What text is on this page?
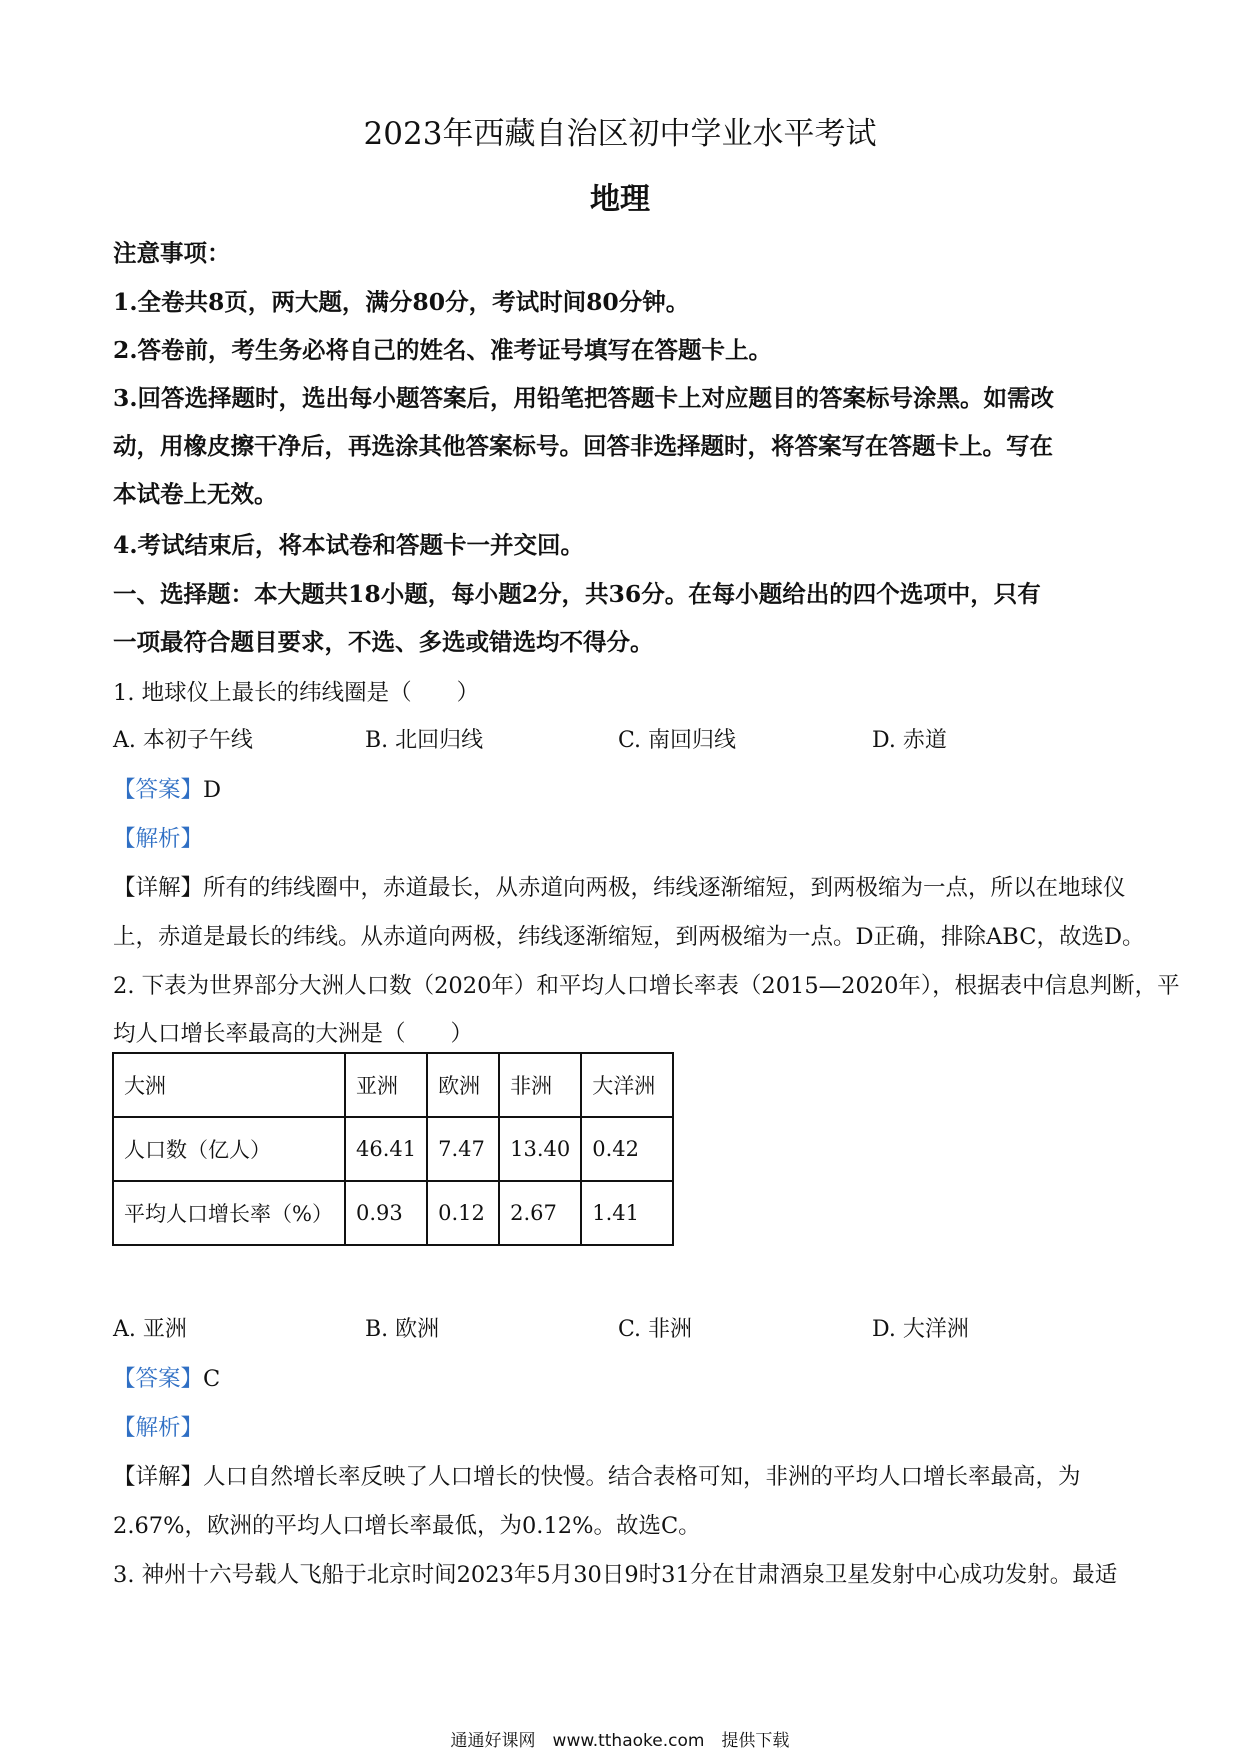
2023年西藏自治区初中学业水平考试
地理
注意事项：
1.全卷共8页，两大题，满分80分，考试时间80分钟。
2.答卷前，考生务必将自己的姓名、准考证号填写在答题卡上。
3.回答选择题时，选出每小题答案后，用铅笔把答题卡上对应题目的答案标号涂黑。如需改
动，用橡皮擦干净后，再选涂其他答案标号。回答非选择题时，将答案写在答题卡上。写在
本试卷上无效。
4.考试结束后，将本试卷和答题卡一并交回。
一、选择题：本大题共18小题，每小题2分，共36分。在每小题给出的四个选项中，只有
一项最符合题目要求，不选、多选或错选均不得分。
1. 地球仪上最长的纬线圈是（　　）
A. 本初子午线	B. 北回归线	C. 南回归线	D. 赤道
【答案】D
【解析】
【详解】所有的纬线圈中，赤道最长，从赤道向两极，纬线逐渐缩短，到两极缩为一点，所以在地球仪
上，赤道是最长的纬线。从赤道向两极，纬线逐渐缩短，到两极缩为一点。D正确，排除ABC，故选D。
2. 下表为世界部分大洲人口数（2020年）和平均人口增长率表（2015—2020年），根据表中信息判断，平
均人口增长率最高的大洲是（　　）
大洲	亚洲	欧洲	非洲	大洋洲
人口数（亿人）	46.41	7.47	13.40	0.42
平均人口增长率（%）	0.93	0.12	2.67	1.41
A. 亚洲	B. 欧洲	C. 非洲	D. 大洋洲
【答案】C
【解析】
【详解】人口自然增长率反映了人口增长的快慢。结合表格可知，非洲的平均人口增长率最高，为
2.67%，欧洲的平均人口增长率最低，为0.12%。故选C。
3. 神州十六号载人飞船于北京时间2023年5月30日9时31分在甘肃酒泉卫星发射中心成功发射。最适
通通好课网　www.tthaoke.com　提供下载
